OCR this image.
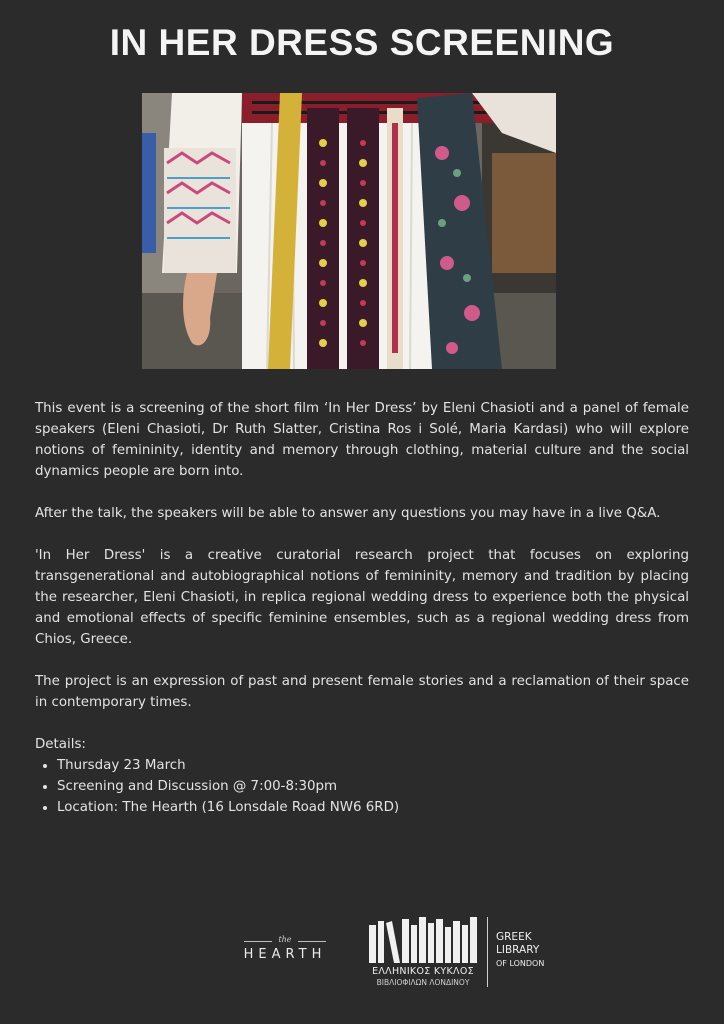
IN HER DRESS SCREENING

This event is a screening of the short film ‘In Her Dress’ by Eleni Chasioti and a panel of female speakers (Eleni Chasioti, Dr Ruth Slatter, Cristina Ros i Solé, Maria Kardasi) who will explore notions of femininity, identity and memory through clothing, material culture and the social dynamics people are born into.

After the talk, the speakers will be able to answer any questions you may have in a live Q&A.

'In Her Dress' is a creative curatorial research project that focuses on exploring transgenerational and autobiographical notions of femininity, memory and tradition by placing the researcher, Eleni Chasioti, in replica regional wedding dress to experience both the physical and emotional effects of specific feminine ensembles, such as a regional wedding dress from Chios, Greece.

The project is an expression of past and present female stories and a reclamation of their space in contemporary times.

Details:
• Thursday 23 March
• Screening and Discussion @ 7:00-8:30pm
• Location: The Hearth (16 Lonsdale Road NW6 6RD)
the
HEARTH
ΕΛΛΗΝΙΚΟΣ ΚΥΚΛΟΣ
ΒΙΒΛΙΟΦΙΛΩΝ ΛΟΝΔΙΝΟΥ
GREEK
LIBRARY
OF LONDON
